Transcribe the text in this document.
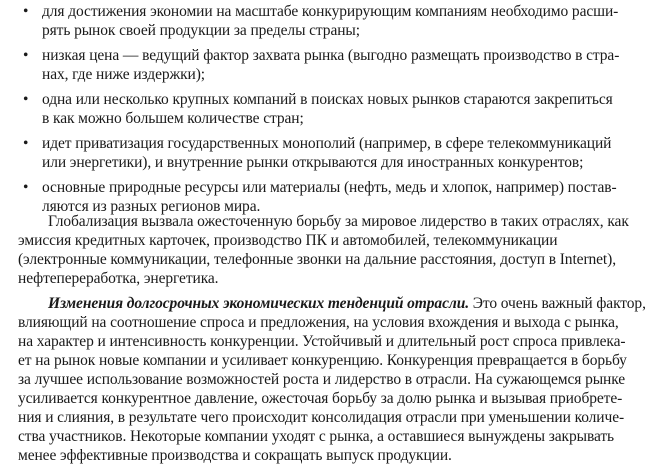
• для достижения экономии на масштабе конкурирующим компаниям необходимо расши-
рять рынок своей продукции за пределы страны;
• низкая цена — ведущий фактор захвата рынка (выгодно размещать производство в стра-
нах, где ниже издержки);
• одна или несколько крупных компаний в поисках новых рынков стараются закрепиться
в как можно большем количестве стран;
• идет приватизация государственных монополий (например, в сфере телекоммуникаций
или энергетики), и внутренние рынки открываются для иностранных конкурентов;
• основные природные ресурсы или материалы (нефть, медь и хлопок, например) постав-
ляются из разных регионов мира.
Глобализация вызвала ожесточенную борьбу за мировое лидерство в таких отраслях, как
эмиссия кредитных карточек, производство ПК и автомобилей, телекоммуникации
(электронные коммуникации, телефонные звонки на дальние расстояния, доступ в Internet),
нефтепереработка, энергетика.
Изменения долгосрочных экономических тенденций отрасли. Это очень важный фактор,
влияющий на соотношение спроса и предложения, на условия вхождения и выхода с рынка,
на характер и интенсивность конкуренции. Устойчивый и длительный рост спроса привлека-
ет на рынок новые компании и усиливает конкуренцию. Конкуренция превращается в борьбу
за лучшее использование возможностей роста и лидерство в отрасли. На сужающемся рынке
усиливается конкурентное давление, ожесточая борьбу за долю рынка и вызывая приобрете-
ния и слияния, в результате чего происходит консолидация отрасли при уменьшении количе-
ства участников. Некоторые компании уходят с рынка, а оставшиеся вынуждены закрывать
менее эффективные производства и сокращать выпуск продукции.
